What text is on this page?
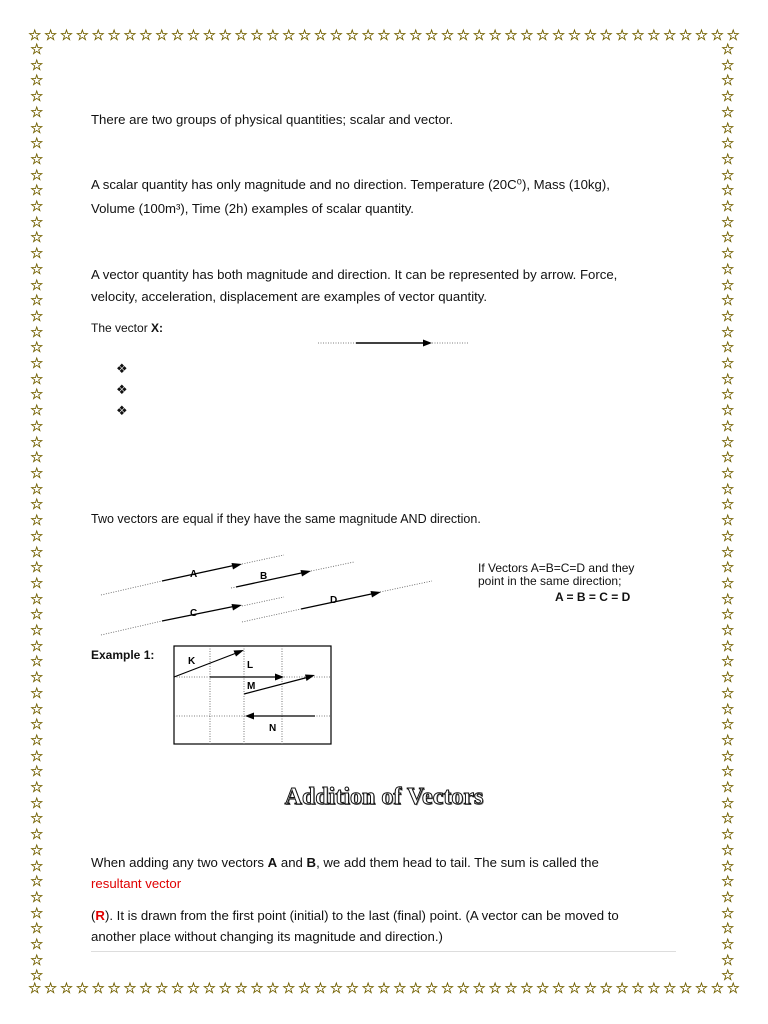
☆ ☆ ☆ ☆ ☆ ☆ ☆ ☆ ☆ ☆ ☆ ☆ ☆ ☆ ☆ ☆ ☆ ☆ ☆ ☆ ☆ ☆ ☆ ☆ ☆ ☆ ☆ ☆ ☆ ☆ ☆ ☆ ☆ ☆ ☆ ☆ ☆ ☆ ☆ ☆ ☆ ☆ ☆ ☆ ☆
☆ ☆ ☆ ☆ ☆ ☆ ☆ ☆ ☆ ☆ ☆ ☆ ☆ ☆ ☆ ☆ ☆ ☆ ☆ ☆ ☆ ☆ ☆ ☆ ☆ ☆ ☆ ☆ ☆ ☆ ☆ ☆ ☆ ☆ ☆ ☆ ☆ ☆ ☆ ☆ ☆ ☆ ☆ ☆ ☆
☆
☆
☆
☆
☆
☆
☆
☆
☆
☆
☆
☆
☆
☆
☆
☆
☆
☆
☆
☆
☆
☆
☆
☆
☆
☆
☆
☆
☆
☆
☆
☆
☆
☆
☆
☆
☆
☆
☆
☆
☆
☆
☆
☆
☆
☆
☆
☆
☆
☆
☆
☆
☆
☆
☆
☆
☆
☆
☆
☆
☆
☆
☆
☆
☆
☆
☆
☆
☆
☆
☆
☆
☆
☆
☆
☆
☆
☆
☆
☆
☆
☆
☆
☆
☆
☆
☆
☆
☆
☆
☆
☆
☆
☆
☆
☆
☆
☆
☆
☆
☆
☆
☆
☆
☆
☆
☆
☆
☆
☆
☆
☆
☆
☆
☆
☆
☆
☆
☆
☆
There are two groups of physical quantities; scalar and vector.
A scalar quantity has only magnitude and no direction. Temperature (20C⁰), Mass (10kg),
Volume (100m³), Time (2h) examples of scalar quantity.
A vector quantity has both magnitude and direction. It can be represented by arrow. Force,
velocity, acceleration, displacement are examples of vector quantity.
The vector X:
❖
❖
❖
Two vectors are equal if they have the same magnitude AND direction.
A	B
C
D
If Vectors A=B=C=D and they
point in the same direction;
A = B = C = D
Example 1:	K	L
M
N
Addition of Vectors
When adding any two vectors A and B, we add them head to tail. The sum is called the
resultant vector
(R). It is drawn from the first point (initial) to the last (final) point. (A vector can be moved to
another place without changing its magnitude and direction.)
